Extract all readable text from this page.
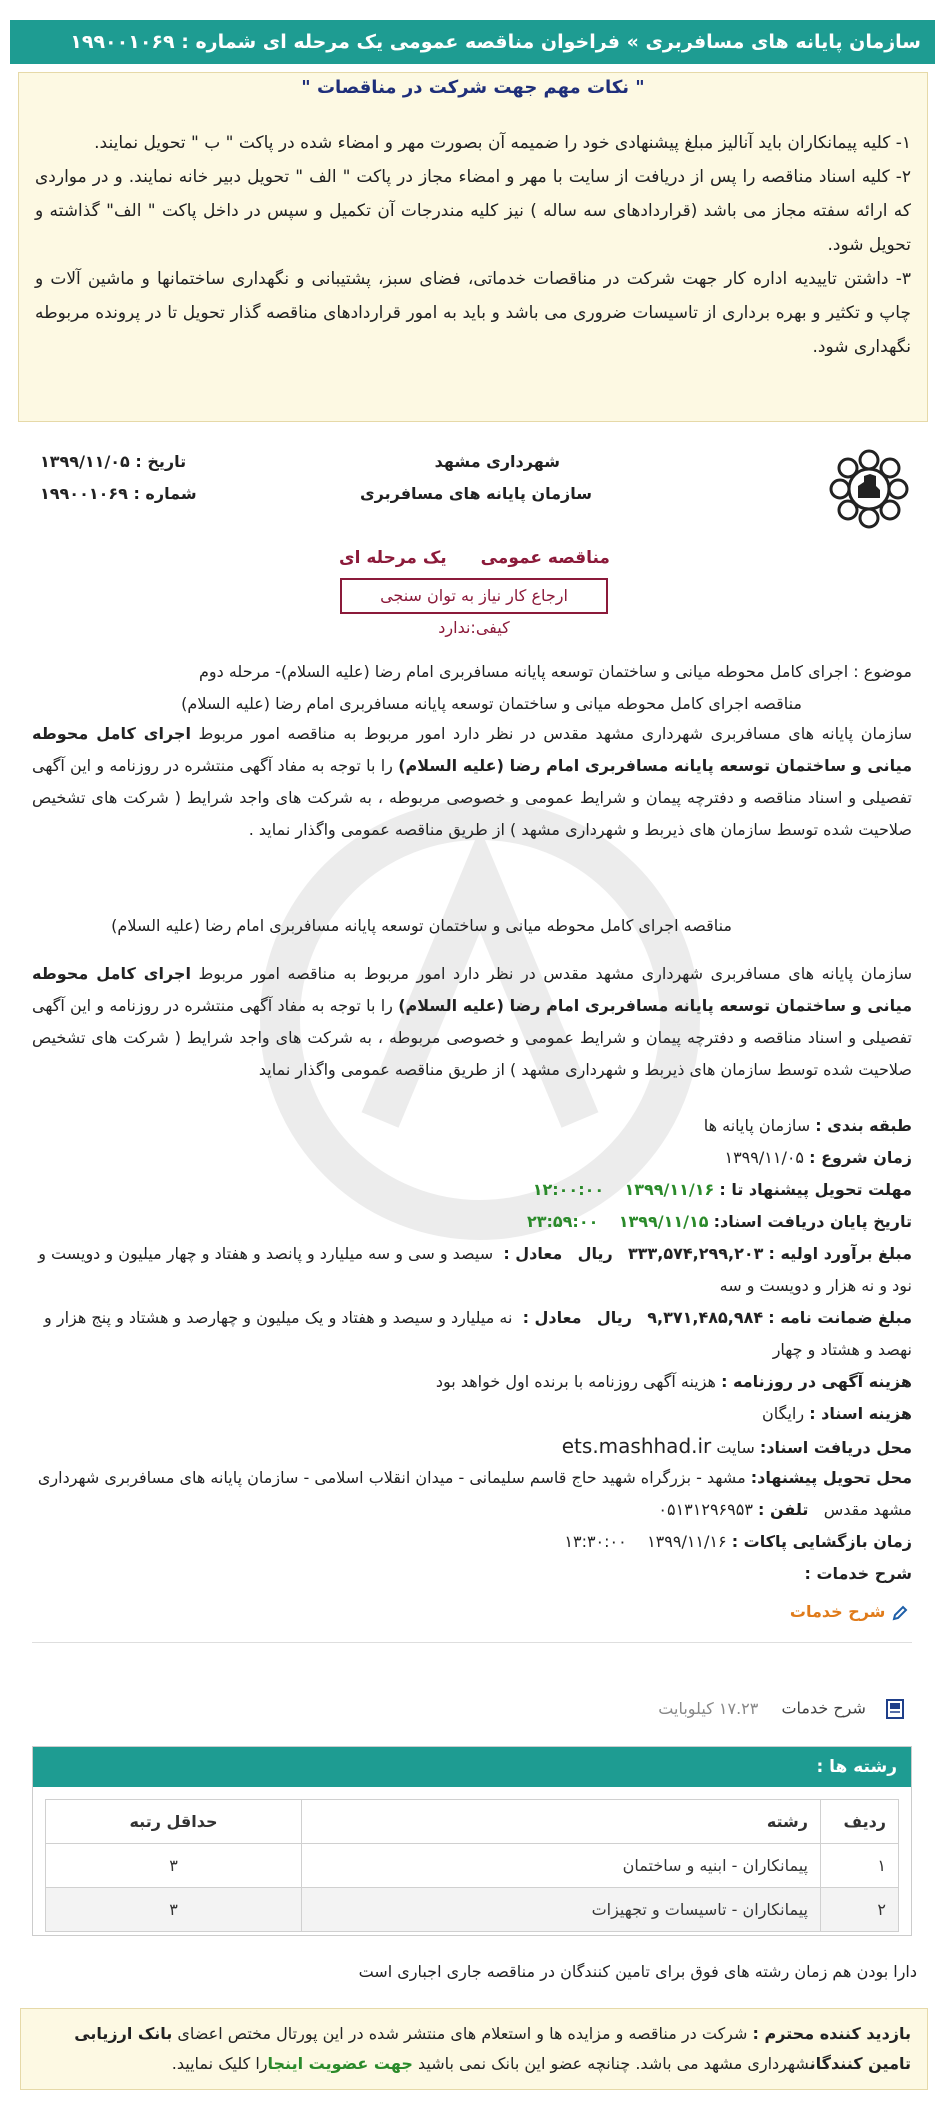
سازمان پایانه های مسافربری » فراخوان مناقصه عمومی یک مرحله ای شماره : ۱۹۹۰۰۱۰۶۹
" نکات مهم جهت شرکت در مناقصات "
۱- کلیه پیمانکاران باید آنالیز مبلغ پیشنهادی خود را ضمیمه آن بصورت مهر و امضاء شده در پاکت " ب " تحویل نمایند.
۲- کلیه اسناد مناقصه را پس از دریافت از سایت با مهر و امضاء مجاز در پاکت " الف " تحویل دبیر خانه نمایند. و در مواردی که ارائه سفته مجاز می باشد (قراردادهای سه ساله ) نیز کلیه مندرجات آن تکمیل و سپس در داخل پاکت " الف" گذاشته و تحویل شود.
۳- داشتن تاییدیه اداره کار جهت شرکت در مناقصات خدماتی، فضای سبز، پشتیبانی و نگهداری ساختمانها و ماشین آلات و چاپ و تکثیر و بهره برداری از تاسیسات ضروری می باشد و باید به امور قراردادهای مناقصه گذار تحویل تا در پرونده مربوطه نگهداری شود.
شهرداری مشهد
سازمان پایانه های مسافربری
تاریخ : ۱۳۹۹/۱۱/۰۵
شماره : ۱۹۹۰۰۱۰۶۹
مناقصه عمومی یک مرحله ای
ارجاع کار نیاز به توان سنجی کیفی:ندارد
موضوع : اجرای کامل محوطه میانی و ساختمان توسعه پایانه مسافربری امام رضا (علیه السلام)- مرحله دوم
مناقصه اجرای کامل محوطه میانی و ساختمان توسعه پایانه مسافربری امام رضا (علیه السلام)
سازمان پایانه های مسافربری شهرداری مشهد مقدس در نظر دارد امور مربوط به مناقصه امور مربوط اجرای کامل محوطه میانی و ساختمان توسعه پایانه مسافربری امام رضا (علیه السلام) را با توجه به مفاد آگهی منتشره در روزنامه و این آگهی تفصیلی و اسناد مناقصه و دفترچه پیمان و شرایط عمومی و خصوصی مربوطه ، به شرکت های واجد شرایط ( شرکت های تشخیص صلاحیت شده توسط سازمان های ذیربط و شهرداری مشهد ) از طریق مناقصه عمومی واگذار نماید .
مناقصه اجرای کامل محوطه میانی و ساختمان توسعه پایانه مسافربری امام رضا (علیه السلام)
سازمان پایانه های مسافربری شهرداری مشهد مقدس در نظر دارد امور مربوط به مناقصه امور مربوط اجرای کامل محوطه میانی و ساختمان توسعه پایانه مسافربری امام رضا (علیه السلام) را با توجه به مفاد آگهی منتشره در روزنامه و این آگهی تفصیلی و اسناد مناقصه و دفترچه پیمان و شرایط عمومی و خصوصی مربوطه ، به شرکت های واجد شرایط ( شرکت های تشخیص صلاحیت شده توسط سازمان های ذیربط و شهرداری مشهد ) از طریق مناقصه عمومی واگذار نماید
طبقه بندی : سازمان پایانه ها
زمان شروع : ۱۳۹۹/۱۱/۰۵
مهلت تحویل پیشنهاد تا : ۱۳۹۹/۱۱/۱۶    ۱۲:۰۰:۰۰
تاریخ پایان دریافت اسناد: ۱۳۹۹/۱۱/۱۵    ۲۳:۵۹:۰۰
مبلغ برآورد اولیه : ۳۳۳,۵۷۴,۲۹۹,۲۰۳   ریال   معادل :  سیصد و سی و سه میلیارد و پانصد و هفتاد و چهار میلیون و دویست و نود و نه هزار و دویست و سه
مبلغ ضمانت نامه : ۹,۳۷۱,۴۸۵,۹۸۴   ریال   معادل :  نه میلیارد و سیصد و هفتاد و یک میلیون و چهارصد و هشتاد و پنج هزار و نهصد و هشتاد و چهار
هزینه آگهی در روزنامه : هزینه آگهی روزنامه با برنده اول خواهد بود
هزینه اسناد : رایگان
محل دریافت اسناد: سایت ets.mashhad.ir
محل تحویل پیشنهاد: مشهد - بزرگراه شهید حاج قاسم سلیمانی - میدان انقلاب اسلامی - سازمان پایانه های مسافربری شهرداری مشهد مقدس   تلفن : ۰۵۱۳۱۲۹۶۹۵۳
زمان بازگشایی پاکات : ۱۳۹۹/۱۱/۱۶    ۱۳:۳۰:۰۰
شرح خدمات :
شرح خدمات
شرح خدمات ۱۷.۲۳ کیلوبایت
رشته ها :
ردیف	رشته	حداقل رتبه
۱	پیمانکاران - ابنیه و ساختمان	۳
۲	پیمانکاران - تاسیسات و تجهیزات	۳
دارا بودن هم زمان رشته های فوق برای تامین کنندگان در مناقصه جاری اجباری است
بازدید کننده محترم : شرکت در مناقصه و مزایده ها و استعلام های منتشر شده در این پورتال مختص اعضای بانک ارزیابی تامین کنندگانشهرداری مشهد می باشد. چنانچه عضو این بانک نمی باشید جهت عضویت اینجارا کلیک نمایید.
